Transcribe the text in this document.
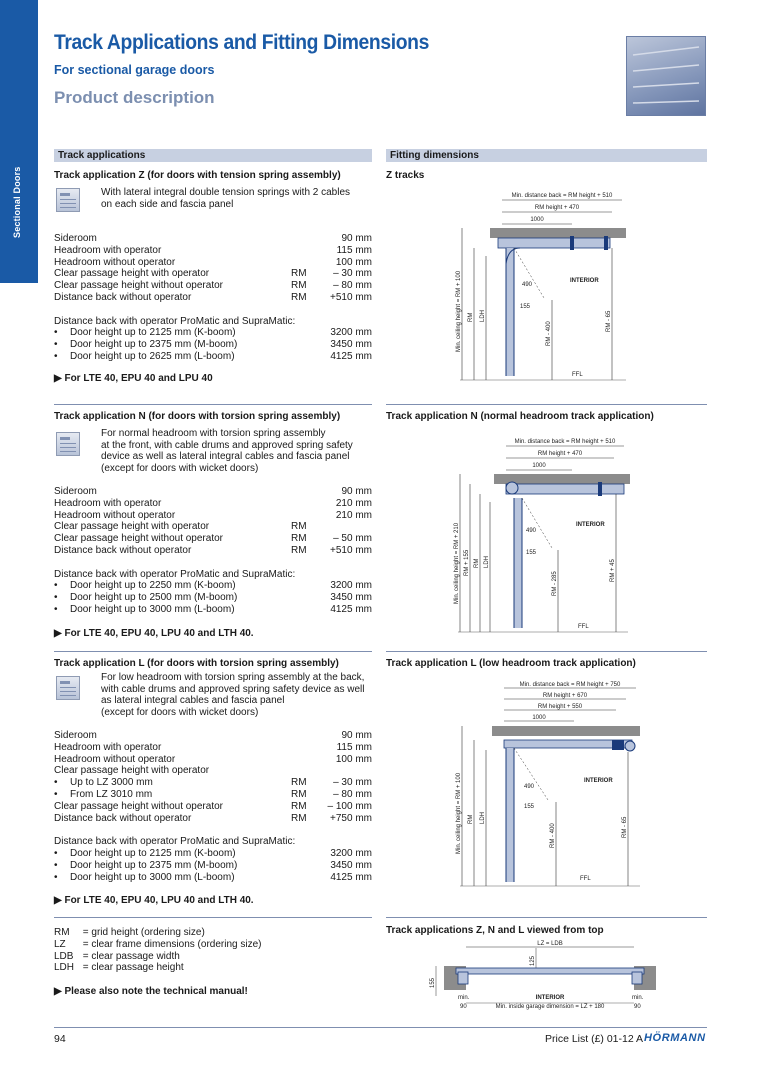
Sectional Doors
Track Applications and Fitting Dimensions
For sectional garage doors
Product description
Track applications	Fitting dimensions
Track application Z (for doors with tension spring assembly)
With lateral integral double tension springs with 2 cables
on each side and fascia panel
Sideroom	90 mm
Headroom with operator	115 mm
Headroom without operator	100 mm
Clear passage height with operator	RM	– 30 mm
Clear passage height without operator	RM	– 80 mm
Distance back without operator	RM +510 mm
Distance back with operator ProMatic and SupraMatic:
• Door height up to 2125 mm (K-boom)	3200 mm
• Door height up to 2375 mm (M-boom)	3450 mm
• Door height up to 2625 mm (L-boom)	4125 mm
▶ For LTE 40, EPU 40 and LPU 40
Z tracks
Min. distance back = RM height + 510
RM height + 470
1000
490
155
INTERIOR
Min. ceiling height = RM + 100 RM LDH
RM - 400	RM - 65
FFL
Track application N (for doors with torsion spring assembly)
For normal headroom with torsion spring assembly
at the front, with cable drums and approved spring safety
device as well as lateral integral cables and fascia panel
(except for doors with wicket doors)
Sideroom	90 mm
Headroom with operator	210 mm
Headroom without operator	210 mm
Clear passage height with operator	RM
Clear passage height without operator	RM	– 50 mm
Distance back without operator	RM +510 mm
Distance back with operator ProMatic and SupraMatic:
• Door height up to 2250 mm (K-boom)	3200 mm
• Door height up to 2500 mm (M-boom)	3450 mm
• Door height up to 3000 mm (L-boom)	4125 mm
▶ For LTE 40, EPU 40, LPU 40 and LTH 40.
Track application N (normal headroom track application)
Min. distance back = RM height + 510
RM height + 470
1000
490
155
INTERIOR
Min. ceiling height = RM + 210 RM + 155 RM LDH
RM - 285
RM + 45
FFL
Track application L (for doors with torsion spring assembly)
For low headroom with torsion spring assembly at the back,
with cable drums and approved spring safety device as well
as lateral integral cables and fascia panel
(except for doors with wicket doors)
Sideroom	90 mm
Headroom with operator	115 mm
Headroom without operator	100 mm
Clear passage height with operator
• Up to LZ 3000 mm	RM	– 30 mm
• From LZ 3010 mm	RM	– 80 mm
Clear passage height without operator	RM – 100 mm
Distance back without operator	RM +750 mm
Distance back with operator ProMatic and SupraMatic:
• Door height up to 2125 mm (K-boom)	3200 mm
• Door height up to 2375 mm (M-boom)	3450 mm
• Door height up to 3000 mm (L-boom)	4125 mm
▶ For LTE 40, EPU 40, LPU 40 and LTH 40.
Track application L (low headroom track application)
Min. distance back = RM height + 750
RM height + 670
RM height + 550
1000
490
155
INTERIOR
Min. ceiling height = RM + 100 RM LDH
RM - 400	RM - 65
FFL
RM = grid height (ordering size)
LZ = clear frame dimensions (ordering size)
LDB = clear passage width
LDH = clear passage height
▶ Please also note the technical manual!
Track applications Z, N and L viewed from top
LZ = LDB
125
155
min.
90
INTERIOR
Min. inside garage dimension = LZ + 180
min.
90
94	Price List (£) 01-12 A HÖRMANN
